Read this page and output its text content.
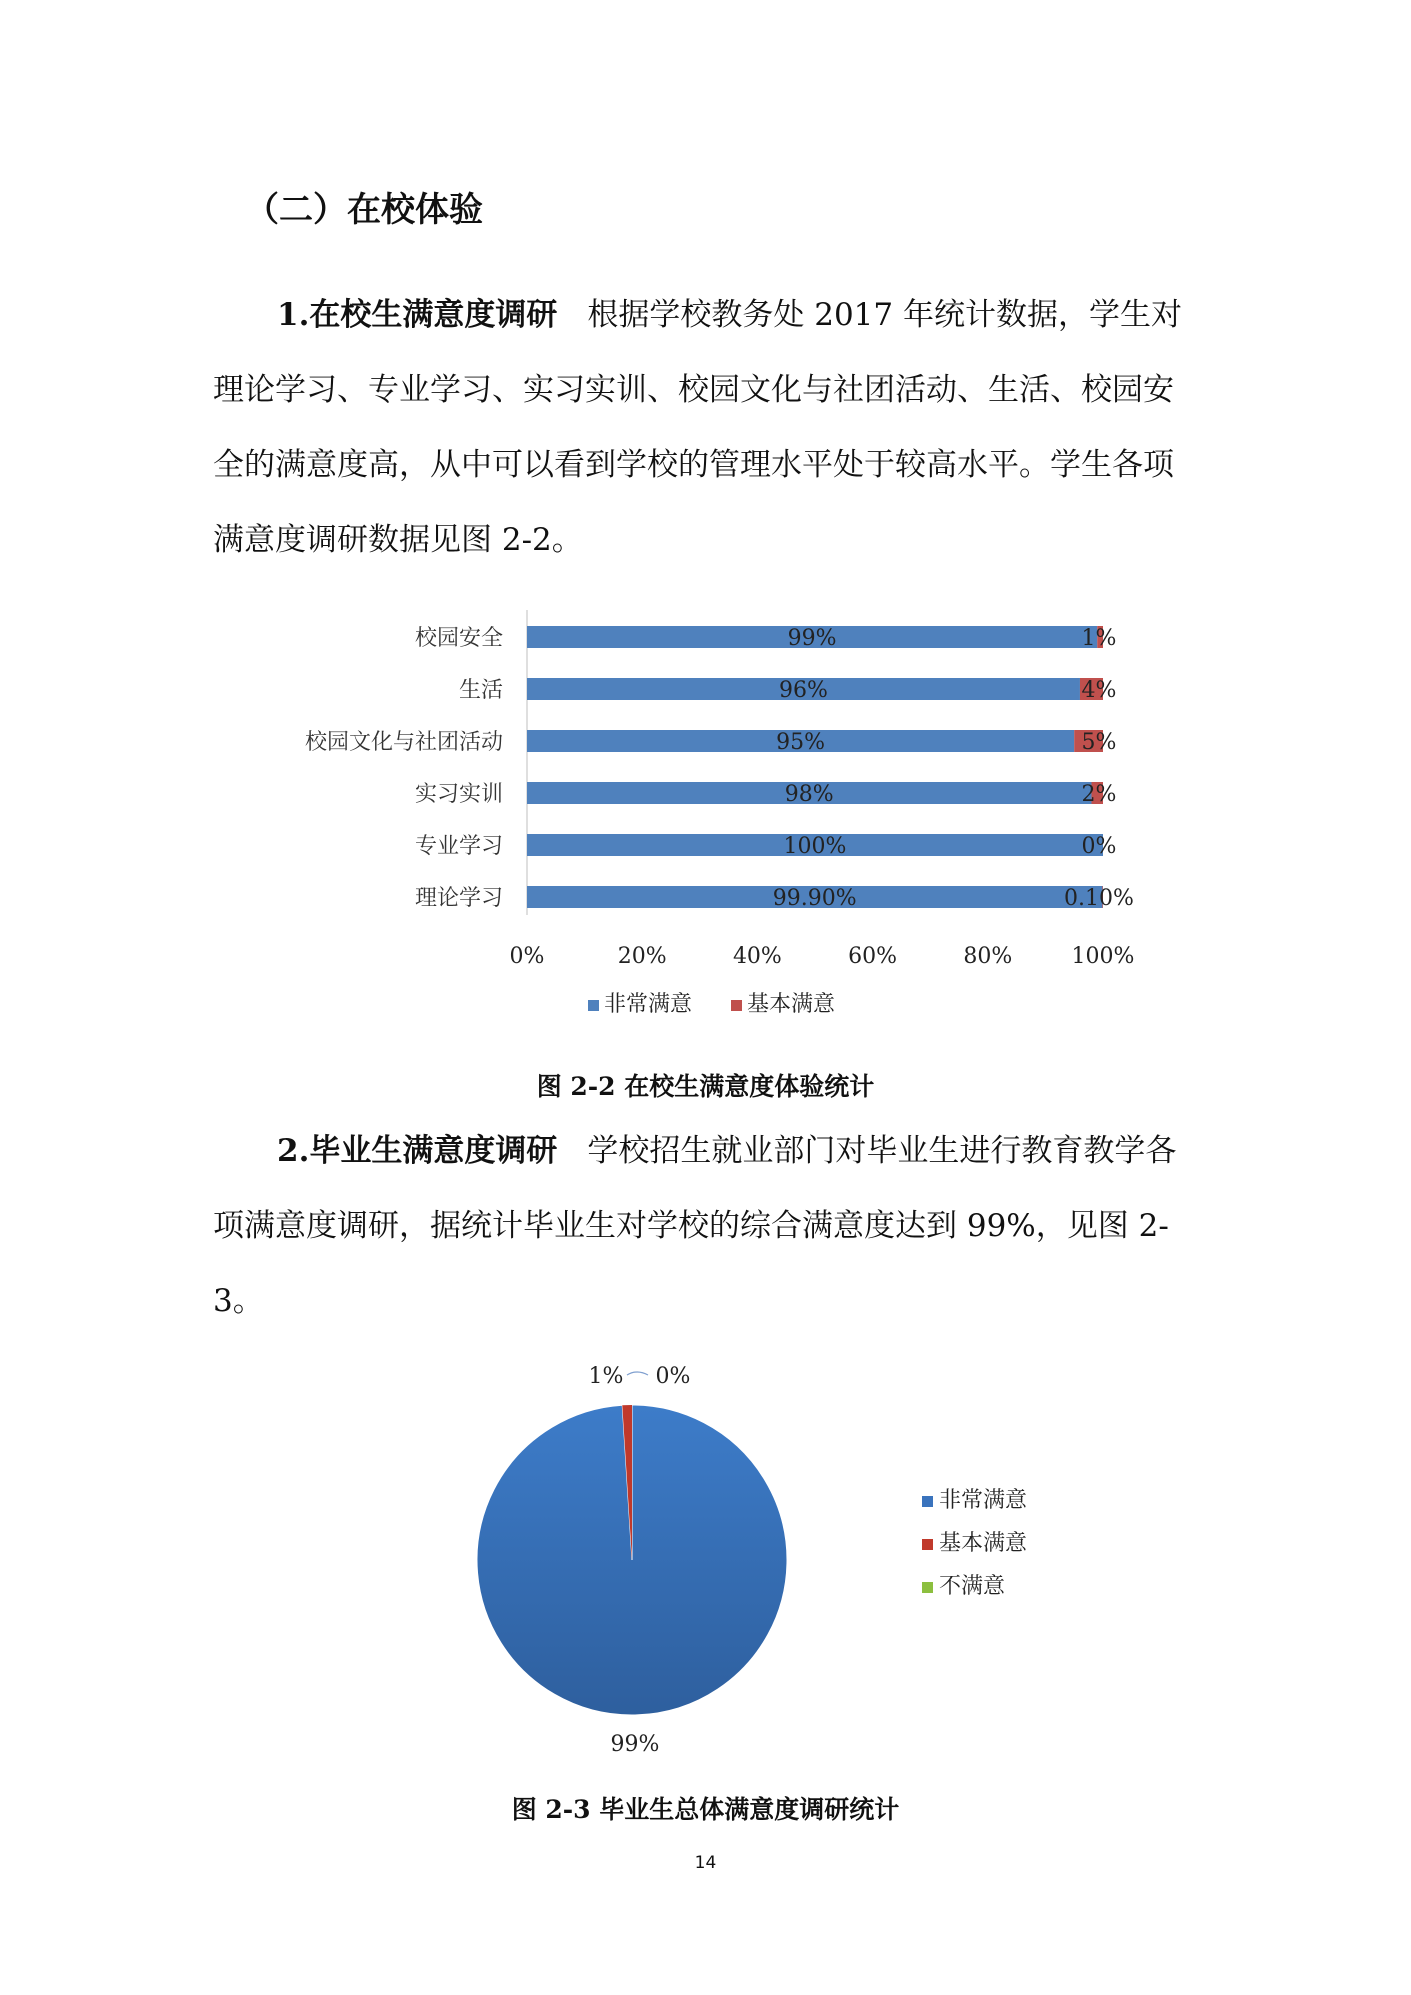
（二）在校体验

1.在校生满意度调研 根据学校教务处 2017 年统计数据，学生对理论学习、专业学习、实习实训、校园文化与社团活动、生活、校园安全的满意度高，从中可以看到学校的管理水平处于较高水平。学生各项满意度调研数据见图 2-2。

校园安全	99%	1%
生活	96%	4%
校园文化与社团活动	95%	5%
实习实训	98%	2%
专业学习	100%	0%
理论学习	99.90%	0.10%
0%	20%	40%	60%	80%	100%
非常满意 基本满意

图 2-2 在校生满意度体验统计

2.毕业生满意度调研 学校招生就业部门对毕业生进行教育教学各项满意度调研，据统计毕业生对学校的综合满意度达到 99%，见图 2-3。

99%
1% 0%
非常满意
基本满意
不满意

图 2-3 毕业生总体满意度调研统计

14
